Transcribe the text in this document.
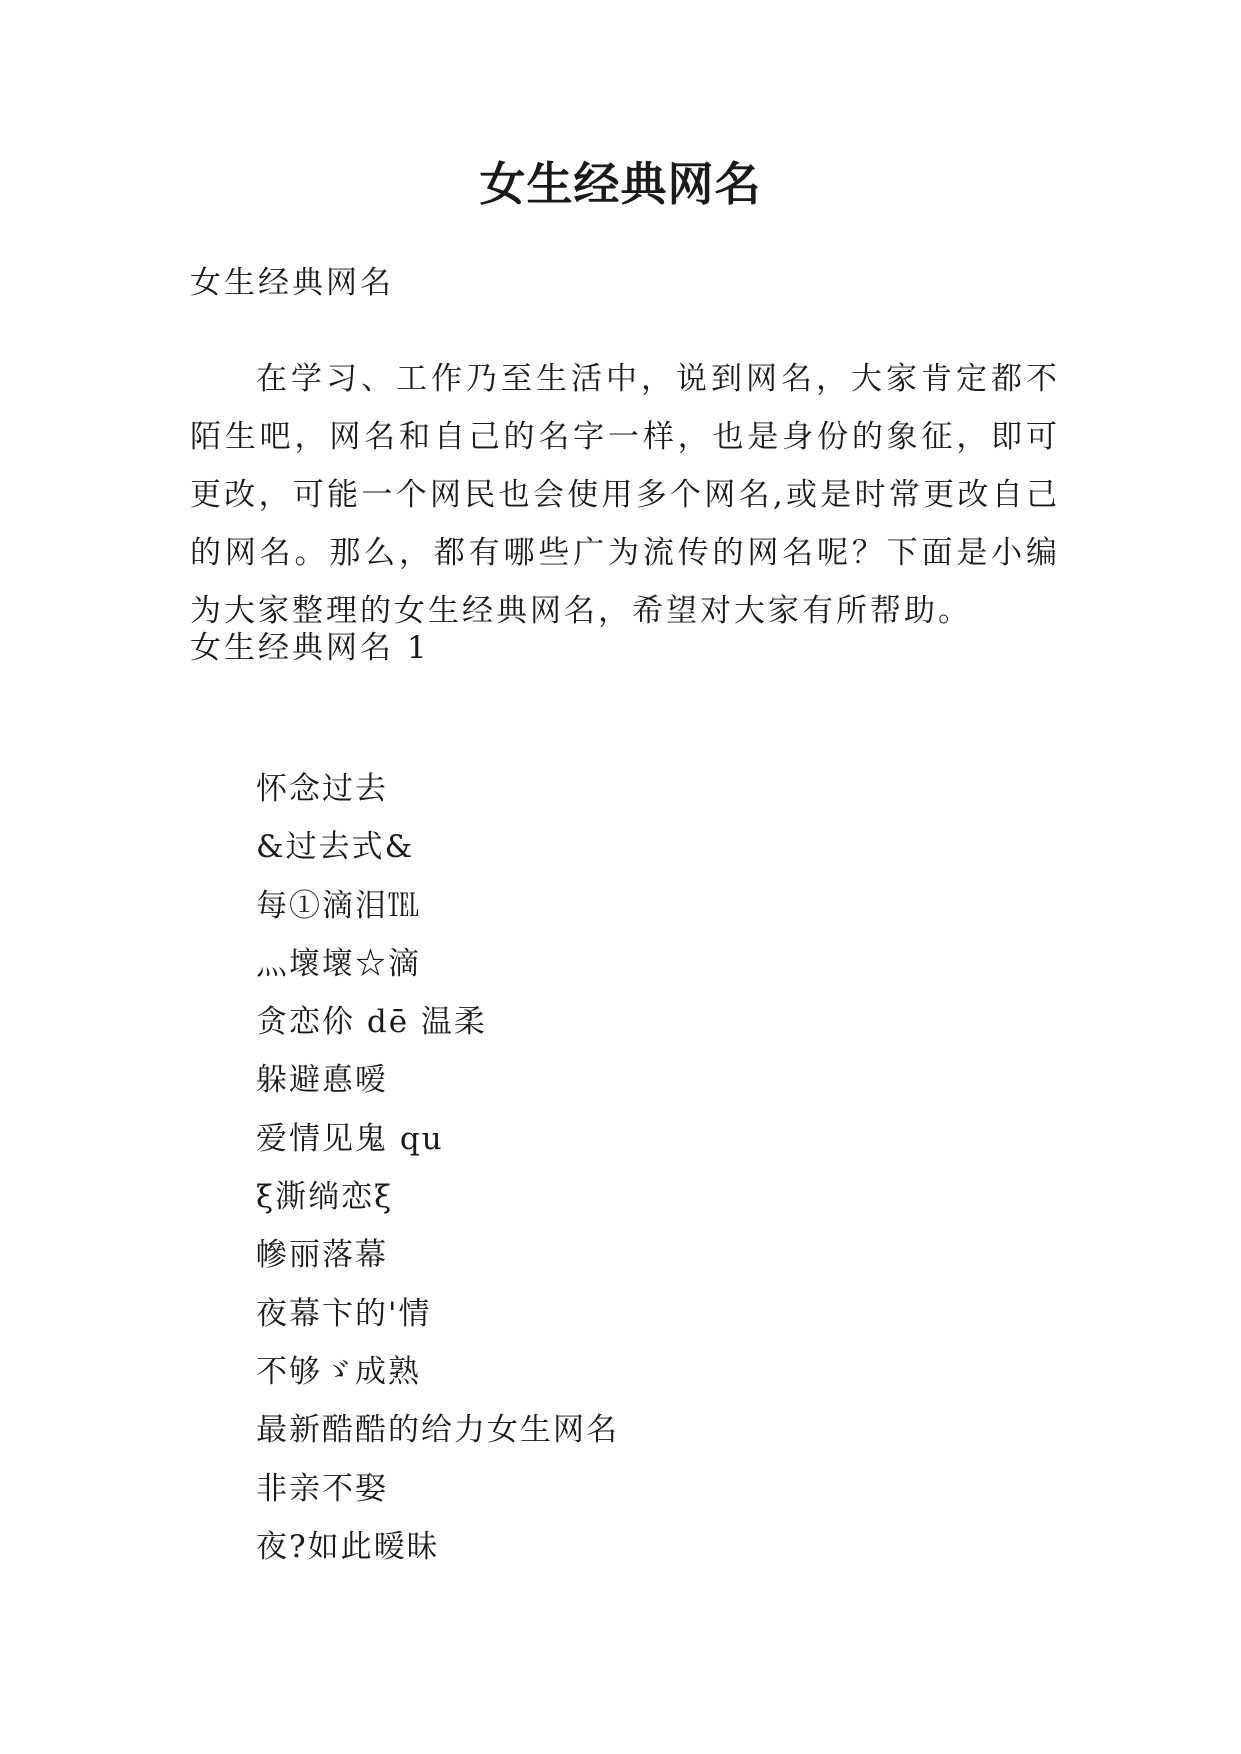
女生经典网名
女生经典网名

在学习、工作乃至生活中，说到网名，大家肯定都不陌生吧，网名和自己的名字一样，也是身份的象征，即可更改，可能一个网民也会使用多个网名,或是时常更改自己的网名。那么，都有哪些广为流传的网名呢？下面是小编为大家整理的女生经典网名，希望对大家有所帮助。

女生经典网名 1
怀念过去
&过去式&
每①滴泪℡
灬壞壞☆滴
贪恋伱 dē 温柔
躲避悳嗳
爱情见鬼 qu
ξ澌绱恋ξ
幓丽落幕
夜幕卞的'情
不够ゞ成熟
最新酷酷的给力女生网名
非亲不娶
夜?如此暧昧
